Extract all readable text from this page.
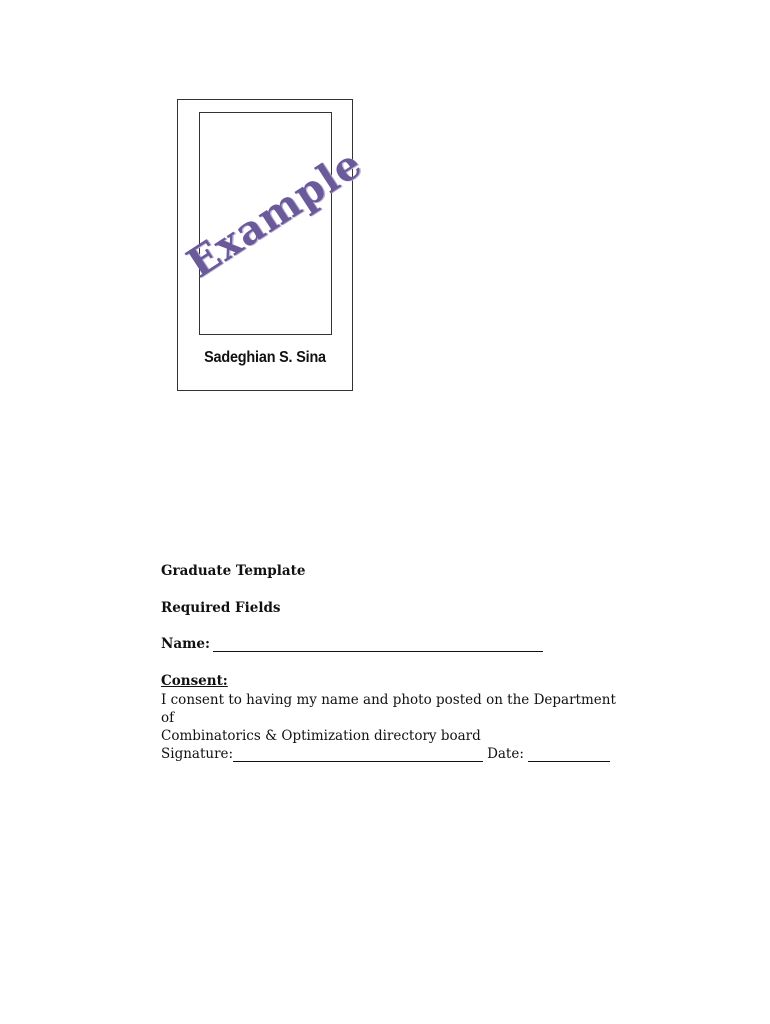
Sadeghian S. Sina
Example
Graduate Template
Required Fields
Name:
Consent:
I consent to having my name and photo posted on the Department of
Combinatorics & Optimization directory board
Signature:	Date:
